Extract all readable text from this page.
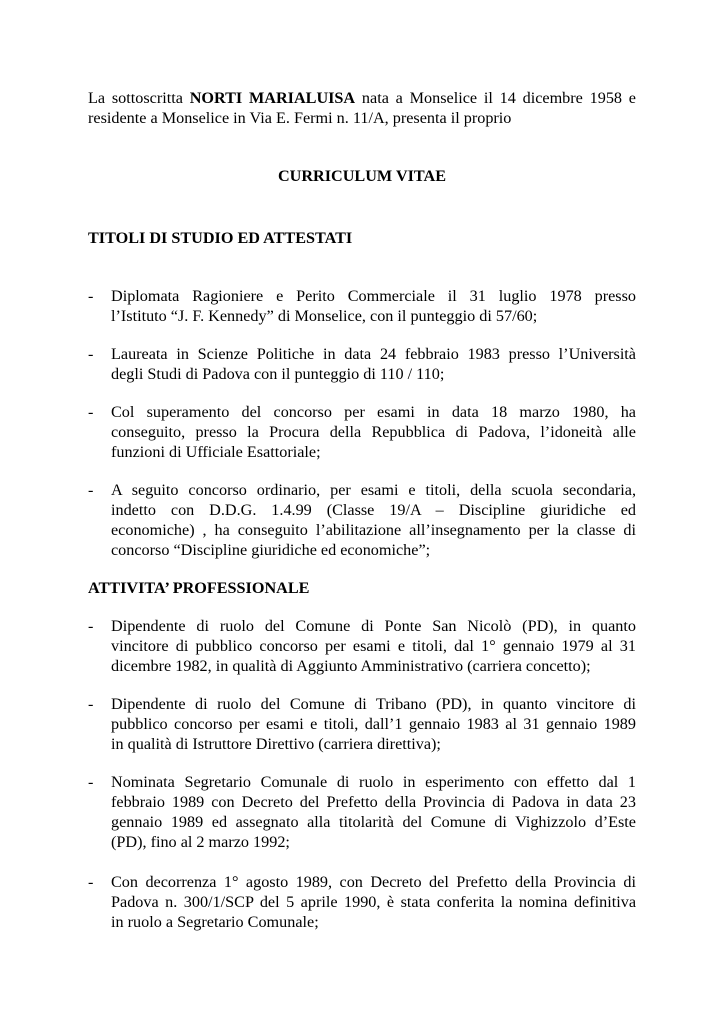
La sottoscritta NORTI MARIALUISA nata a Monselice il 14 dicembre 1958 e
residente a Monselice in Via E. Fermi n. 11/A, presenta il proprio
CURRICULUM VITAE
TITOLI DI STUDIO ED ATTESTATI
-	Diplomata Ragioniere e Perito Commerciale il 31 luglio 1978 presso
l’Istituto “J. F. Kennedy” di Monselice, con il punteggio di 57/60;
-	Laureata in Scienze Politiche in data 24 febbraio 1983 presso l’Università
degli Studi di Padova con il punteggio di 110 / 110;
-	Col superamento del concorso per esami in data 18 marzo 1980, ha
conseguito, presso la Procura della Repubblica di Padova, l’idoneità alle
funzioni di Ufficiale Esattoriale;
-	A seguito concorso ordinario, per esami e titoli, della scuola secondaria,
indetto con D.D.G. 1.4.99 (Classe 19/A – Discipline giuridiche ed
economiche) , ha conseguito l’abilitazione all’insegnamento per la classe di
concorso “Discipline giuridiche ed economiche”;
ATTIVITA’ PROFESSIONALE
-	Dipendente di ruolo del Comune di Ponte San Nicolò (PD), in quanto
vincitore di pubblico concorso per esami e titoli, dal 1° gennaio 1979 al 31
dicembre 1982, in qualità di Aggiunto Amministrativo (carriera concetto);
-	Dipendente di ruolo del Comune di Tribano (PD), in quanto vincitore di
pubblico concorso per esami e titoli, dall’1 gennaio 1983 al 31 gennaio 1989
in qualità di Istruttore Direttivo (carriera direttiva);
-	Nominata Segretario Comunale di ruolo in esperimento con effetto dal 1
febbraio 1989 con Decreto del Prefetto della Provincia di Padova in data 23
gennaio 1989 ed assegnato alla titolarità del Comune di Vighizzolo d’Este
(PD), fino al 2 marzo 1992;
-	Con decorrenza 1° agosto 1989, con Decreto del Prefetto della Provincia di
Padova n. 300/1/SCP del 5 aprile 1990, è stata conferita la nomina definitiva
in ruolo a Segretario Comunale;
